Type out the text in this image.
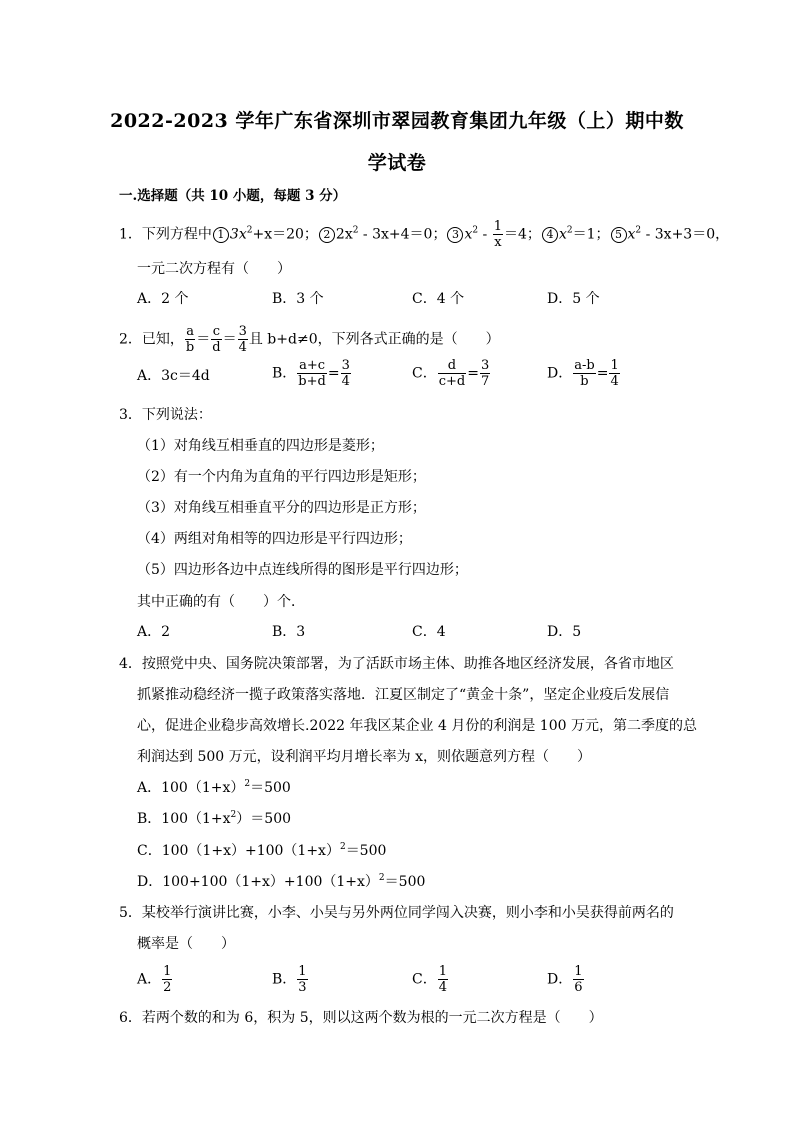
2022-2023 学年广东省深圳市翠园教育集团九年级（上）期中数
学试卷
一.选择题（共 10 小题，每题 3 分）
1．下列方程中 1 $3x^2+x=20$； 2 $2x^2 - 3x+4=0$； 3 $x^2 - \frac{1}{x} =4$； 4 $x^2=1$； 5 $x^2 - 3x+3=0$，
一元二次方程有（　　）
A．2 个	B．3 个	C．4 个	D．5 个
2．已知， $\frac{a}{b} = \frac{c}{d} = \frac{3}{4}$ 且 b+d≠0，下列各式正确的是（　　）
A．3c＝4d	B． $\frac{a+c}{b+d} = \frac{3}{4}$	C． $\frac{d}{c+d} = \frac{3}{7}$	D． $\frac{a-b}{b} = \frac{1}{4}$
3．下列说法：
（1）对角线互相垂直的四边形是菱形；
（2）有一个内角为直角的平行四边形是矩形；
（3）对角线互相垂直平分的四边形是正方形；
（4）两组对角相等的四边形是平行四边形；
（5）四边形各边中点连线所得的图形是平行四边形；
其中正确的有（　　）个．
A．2	B．3	C．4	D．5
4．按照党中央、国务院决策部署，为了活跃市场主体、助推各地区经济发展，各省市地区
抓紧推动稳经济一揽子政策落实落地．江夏区制定了“黄金十条”，坚定企业疫后发展信
心，促进企业稳步高效增长.2022 年我区某企业 4 月份的利润是 100 万元，第二季度的总
利润达到 500 万元，设利润平均月增长率为 x，则依题意列方程（　　）
A．$100(1+x)^2=500$
B．$100(1+x^2)=500$
C．$100(1+x)+100(1+x)^2=500$
D．$100+100(1+x)+100(1+x)^2=500$
5．某校举行演讲比赛，小李、小吴与另外两位同学闯入决赛，则小李和小吴获得前两名的
概率是（　　）
A． $\frac{1}{2}$	B． $\frac{1}{3}$	C． $\frac{1}{4}$	D． $\frac{1}{6}$
6．若两个数的和为 6，积为 5，则以这两个数为根的一元二次方程是（　　）
